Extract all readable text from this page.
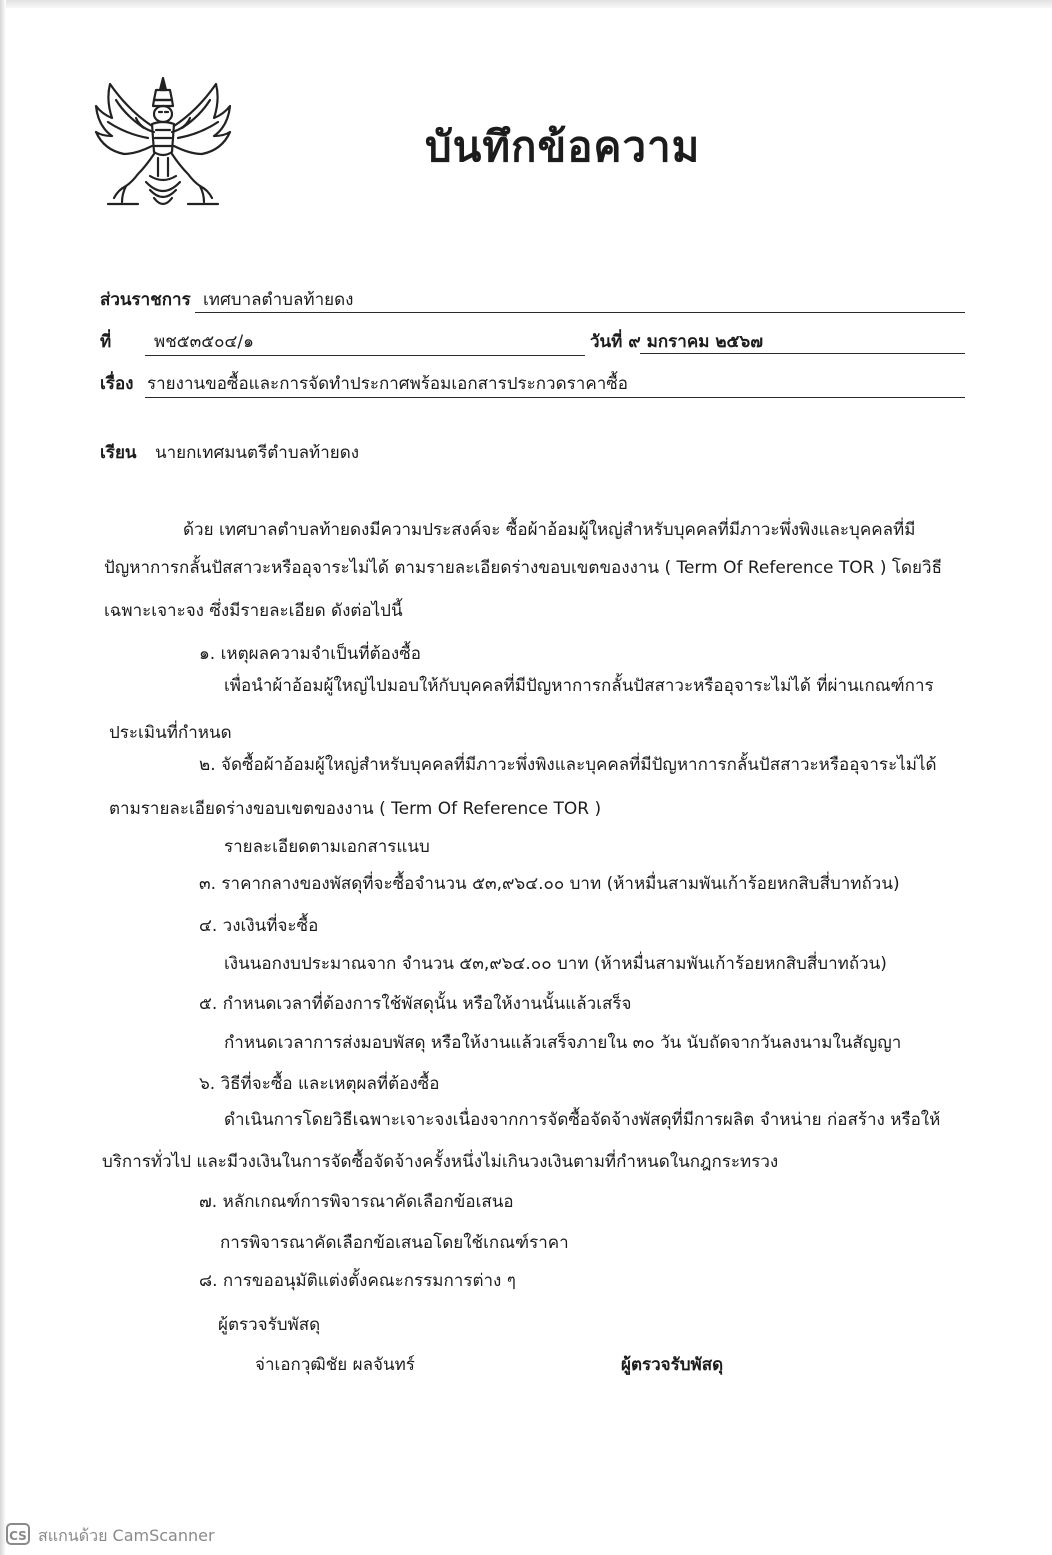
บันทึกข้อความ
ส่วนราชการ เทศบาลตำบลท้ายดง
ที่	พช๕๓๕๐๔/๑	วันที่ ๙ มกราคม ๒๕๖๗
เรื่อง รายงานขอซื้อและการจัดทำประกาศพร้อมเอกสารประกวดราคาซื้อ
เรียน นายกเทศมนตรีตำบลท้ายดง
ด้วย เทศบาลตำบลท้ายดงมีความประสงค์จะ ซื้อผ้าอ้อมผู้ใหญ่สำหรับบุคคลที่มีภาวะพึ่งพิงและบุคคลที่มี
ปัญหาการกลั้นปัสสาวะหรืออุจาระไม่ได้ ตามรายละเอียดร่างขอบเขตของงาน ( Term Of Reference TOR ) โดยวิธี
เฉพาะเจาะจง ซึ่งมีรายละเอียด ดังต่อไปนี้
๑. เหตุผลความจำเป็นที่ต้องซื้อ
เพื่อนำผ้าอ้อมผู้ใหญ่ไปมอบให้กับบุคคลที่มีปัญหาการกลั้นปัสสาวะหรืออุจาระไม่ได้ ที่ผ่านเกณฑ์การ
ประเมินที่กำหนด
๒. จัดซื้อผ้าอ้อมผู้ใหญ่สำหรับบุคคลที่มีภาวะพึ่งพิงและบุคคลที่มีปัญหาการกลั้นปัสสาวะหรืออุจาระไม่ได้
ตามรายละเอียดร่างขอบเขตของงาน ( Term Of Reference TOR )
รายละเอียดตามเอกสารแนบ
๓. ราคากลางของพัสดุที่จะซื้อจำนวน ๕๓,๙๖๔.๐๐ บาท (ห้าหมื่นสามพันเก้าร้อยหกสิบสี่บาทถ้วน)
๔. วงเงินที่จะซื้อ
เงินนอกงบประมาณจาก จำนวน ๕๓,๙๖๔.๐๐ บาท (ห้าหมื่นสามพันเก้าร้อยหกสิบสี่บาทถ้วน)
๕. กำหนดเวลาที่ต้องการใช้พัสดุนั้น หรือให้งานนั้นแล้วเสร็จ
กำหนดเวลาการส่งมอบพัสดุ หรือให้งานแล้วเสร็จภายใน ๓๐ วัน นับถัดจากวันลงนามในสัญญา
๖. วิธีที่จะซื้อ และเหตุผลที่ต้องซื้อ
ดำเนินการโดยวิธีเฉพาะเจาะจงเนื่องจากการจัดซื้อจัดจ้างพัสดุที่มีการผลิต จำหน่าย ก่อสร้าง หรือให้
บริการทั่วไป และมีวงเงินในการจัดซื้อจัดจ้างครั้งหนึ่งไม่เกินวงเงินตามที่กำหนดในกฎกระทรวง
๗. หลักเกณฑ์การพิจารณาคัดเลือกข้อเสนอ
การพิจารณาคัดเลือกข้อเสนอโดยใช้เกณฑ์ราคา
๘. การขออนุมัติแต่งตั้งคณะกรรมการต่าง ๆ
ผู้ตรวจรับพัสดุ
จ่าเอกวุฒิชัย ผลจันทร์	ผู้ตรวจรับพัสดุ
CS สแกนด้วย CamScanner
